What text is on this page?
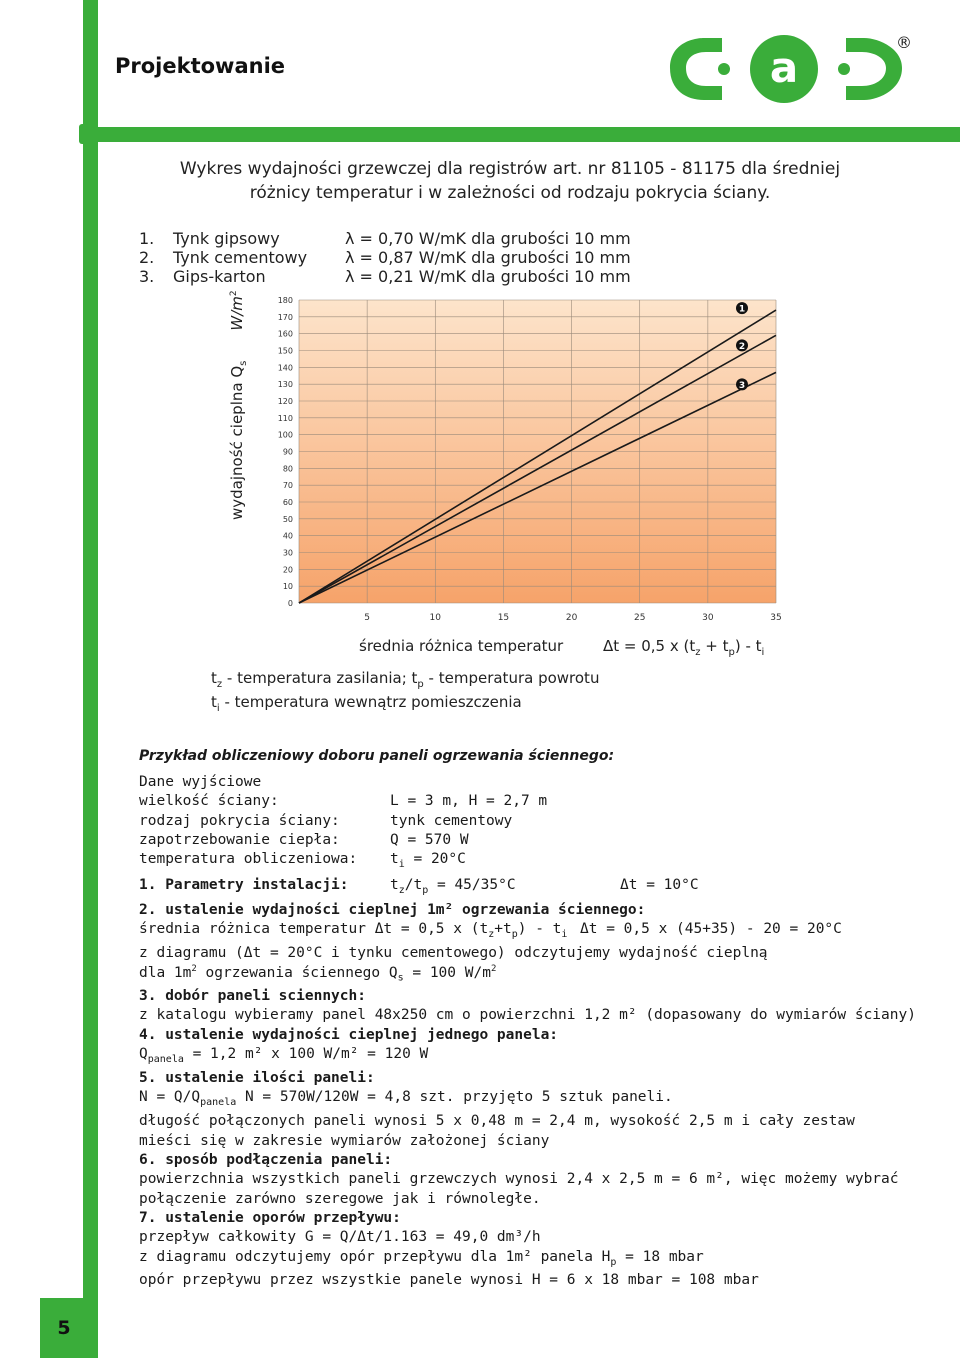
Projektowanie	a
®
Wykres wydajności grzewczej dla registrów art. nr 81105 - 81175 dla średniej
różnicy temperatur i w zależności od rodzaju pokrycia ściany.
1. Tynk gipsowy	λ = 0,70 W/mK dla grubości 10 mm
2. Tynk cementowy λ = 0,87 W/mK dla grubości 10 mm
3. Gips-karton	λ = 0,21 W/mK dla grubości 10 mm
wydajność cieplna $Q_sW/m^2$
0
10
20
30
40
50
60
70
80
90
100
110
120
130
140
150
160
170
180
5	10	15	20	25	30	35
1
2
3
średnia różnica temperatur	Δt = 0,5 x $(t_z + t_p) - t_i$
$t_z$ - temperatura zasilania; $t_p$ - temperatura powrotu
$t_i$ - temperatura wewnątrz pomieszczenia
Przykład obliczeniowy doboru paneli ogrzewania ściennego:
Dane wyjściowe
wielkość ściany:	L = 3 m, H = 2,7 m
rodzaj pokrycia ściany:	tynk cementowy
zapotrzebowanie ciepła:	Q = 570 W
temperatura obliczeniowa: $t_i = 20^\circ C$
1. Parametry instalacji:	$t_z/t_p = 45/35^\circ C$	Δt = 10°C
2. ustalenie wydajności cieplnej 1m² ogrzewania ściennego:
średnia różnica temperatur Δt = 0,5 x $(t_z+t_p) - t_i$ Δt = 0,5 x (45+35) - 20 = 20°C
z diagramu (Δt = 20°C i tynku cementowego) odczytujemy wydajność cieplną
dla $1m^2$ ogrzewania ściennego $Q_s = 100$ $W/m^2$
3. dobór paneli sciennych:
z katalogu wybieramy panel 48x250 cm o powierzchni 1,2 m² (dopasowany do wymiarów ściany)
4. ustalenie wydajności cieplnej jednego panela:
$Q_{panela} = 1,2$ m² x 100 W/m² = 120 W
5. ustalenie ilości paneli:
$N = Q/Q_{panela}$ N = 570W/120W = 4,8 szt. przyjęto 5 sztuk paneli.
długość połączonych paneli wynosi 5 x 0,48 m = 2,4 m, wysokość 2,5 m i cały zestaw
mieści się w zakresie wymiarów założonej ściany
6. sposób podłączenia paneli:
powierzchnia wszystkich paneli grzewczych wynosi 2,4 x 2,5 m = 6 m², więc możemy wybrać
połączenie zarówno szeregowe jak i równoległe.
7. ustalenie oporów przepływu:
przepływ całkowity G = Q/Δt/1.163 = 49,0 dm³/h
z diagramu odczytujemy opór przepływu dla 1m² panela $H_p = 18$ mbar
opór przepływu przez wszystkie panele wynosi H = 6 x 18 mbar = 108 mbar
5
